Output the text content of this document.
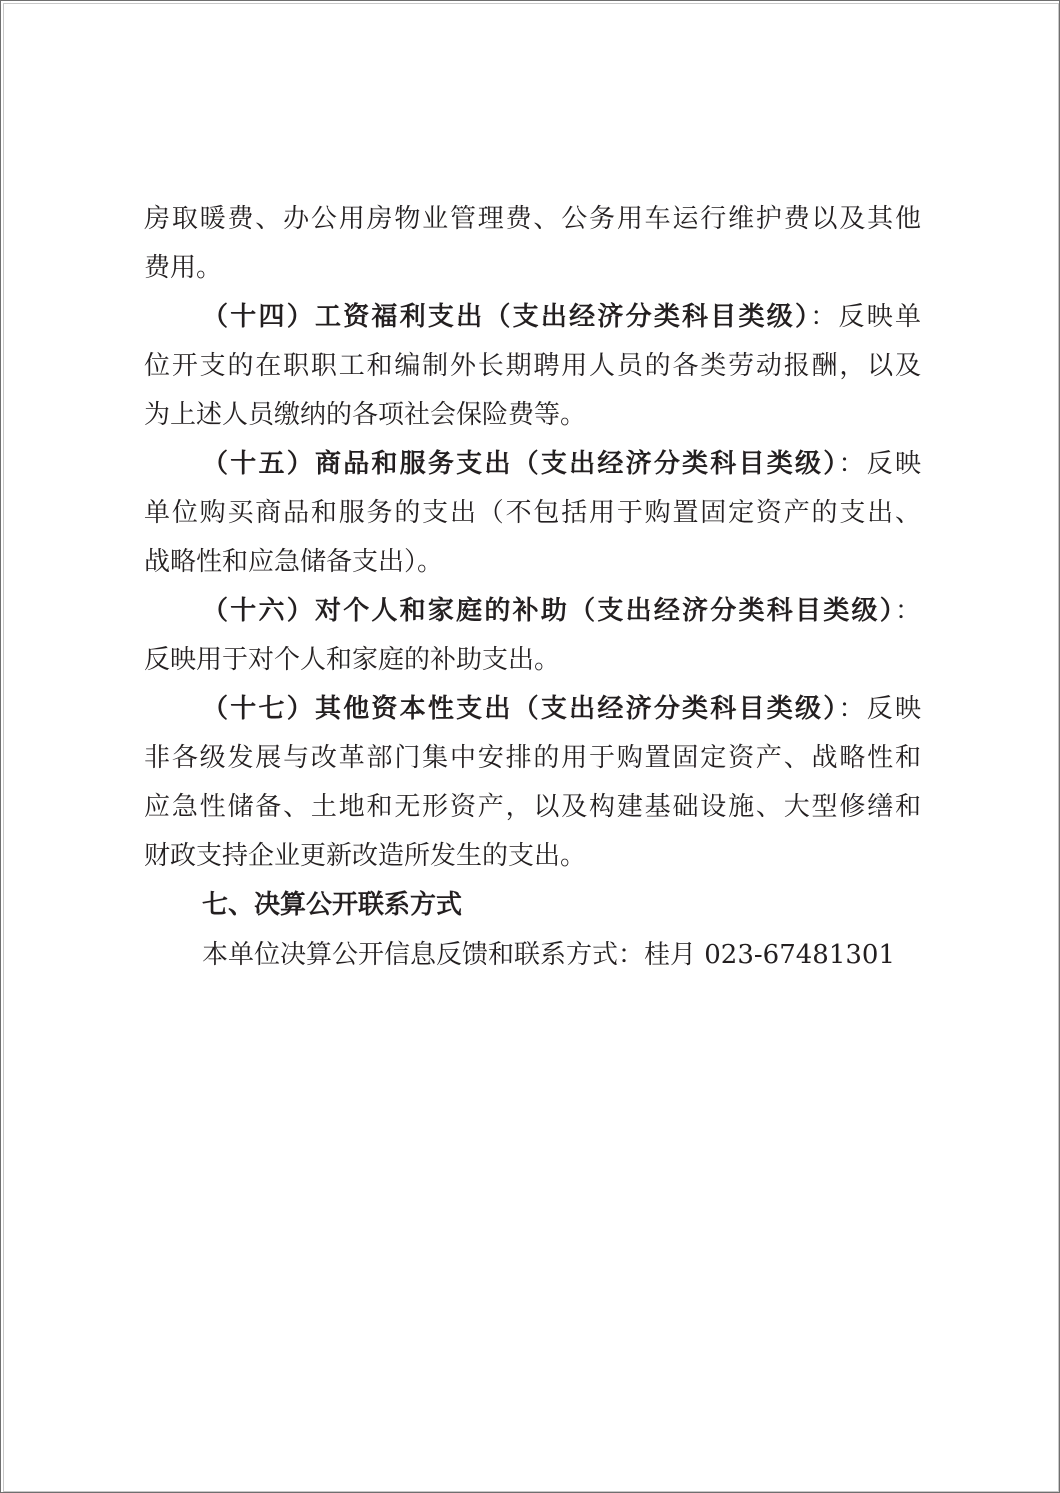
房取暖费、办公用房物业管理费、公务用车运行维护费以及其他
费用。
（十四）工资福利支出（支出经济分类科目类级）：反映单
位开支的在职职工和编制外长期聘用人员的各类劳动报酬，以及
为上述人员缴纳的各项社会保险费等。
（十五）商品和服务支出（支出经济分类科目类级）：反映
单位购买商品和服务的支出（不包括用于购置固定资产的支出、
战略性和应急储备支出）。
（十六）对个人和家庭的补助（支出经济分类科目类级）：
反映用于对个人和家庭的补助支出。
（十七）其他资本性支出（支出经济分类科目类级）：反映
非各级发展与改革部门集中安排的用于购置固定资产、战略性和
应急性储备、土地和无形资产，以及构建基础设施、大型修缮和
财政支持企业更新改造所发生的支出。
七、决算公开联系方式
本单位决算公开信息反馈和联系方式：桂月 023-67481301
